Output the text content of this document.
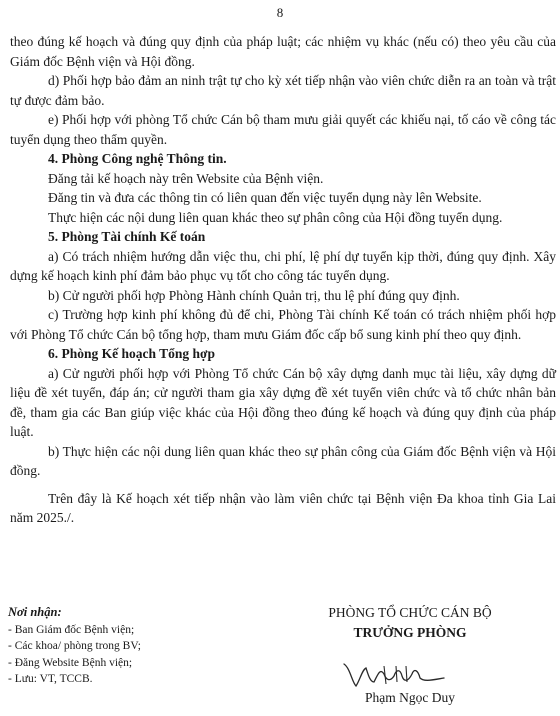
8

theo đúng kế hoạch và đúng quy định của pháp luật; các nhiệm vụ khác (nếu có) theo yêu cầu của Giám đốc Bệnh viện và Hội đồng.

d) Phối hợp bảo đảm an ninh trật tự cho kỳ xét tiếp nhận vào viên chức diễn ra an toàn và trật tự được đảm bảo.

e) Phối hợp với phòng Tổ chức Cán bộ tham mưu giải quyết các khiếu nại, tố cáo về công tác tuyển dụng theo thẩm quyền.

4. Phòng Công nghệ Thông tin.

Đăng tải kế hoạch này trên Website của Bệnh viện.

Đăng tin và đưa các thông tin có liên quan đến việc tuyển dụng này lên Website.

Thực hiện các nội dung liên quan khác theo sự phân công của Hội đồng tuyển dụng.

5. Phòng Tài chính Kế toán

a) Có trách nhiệm hướng dẫn việc thu, chi phí, lệ phí dự tuyển kịp thời, đúng quy định. Xây dựng kế hoạch kinh phí đảm bảo phục vụ tốt cho công tác tuyển dụng.

b) Cử người phối hợp Phòng Hành chính Quản trị, thu lệ phí đúng quy định.

c) Trường hợp kinh phí không đủ để chi, Phòng Tài chính Kế toán có trách nhiệm phối hợp với Phòng Tổ chức Cán bộ tổng hợp, tham mưu Giám đốc cấp bổ sung kinh phí theo quy định.

6. Phòng Kế hoạch Tổng hợp

a) Cử người phối hợp với Phòng Tổ chức Cán bộ xây dựng danh mục tài liệu, xây dựng dữ liệu đề xét tuyển, đáp án; cử người tham gia xây dựng đề xét tuyển viên chức và tổ chức nhân bản đề, tham gia các Ban giúp việc khác của Hội đồng theo đúng kế hoạch và đúng quy định của pháp luật.

b) Thực hiện các nội dung liên quan khác theo sự phân công của Giám đốc Bệnh viện và Hội đồng.

Trên đây là Kế hoạch xét tiếp nhận vào làm viên chức tại Bệnh viện Đa khoa tỉnh Gia Lai năm 2025./.

Nơi nhận:
- Ban Giám đốc Bệnh viện;
- Các khoa/ phòng trong BV;
- Đăng Website Bệnh viện;
- Lưu: VT, TCCB.
PHÒNG TỔ CHỨC CÁN BỘ
TRƯỞNG PHÒNG
Phạm Ngọc Duy
